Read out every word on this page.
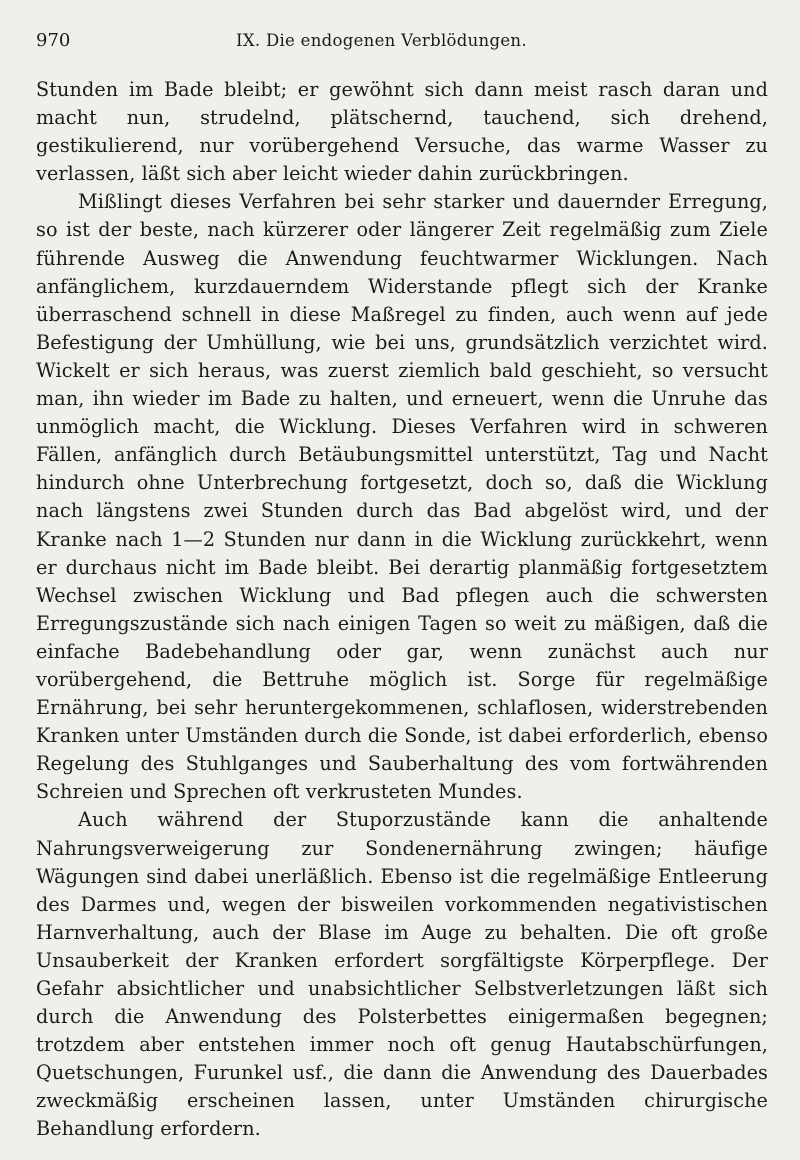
970	IX. Die endogenen Verblödungen.

Stunden im Bade bleibt; er gewöhnt sich dann meist rasch daran und macht nun, strudelnd, plätschernd, tauchend, sich drehend, gestikulierend, nur vorübergehend Versuche, das warme Wasser zu verlassen, läßt sich aber leicht wieder dahin zurückbringen.

Mißlingt dieses Verfahren bei sehr starker und dauernder Erregung, so ist der beste, nach kürzerer oder längerer Zeit regelmäßig zum Ziele führende Ausweg die Anwendung feuchtwarmer Wicklungen. Nach anfänglichem, kurzdauerndem Widerstande pflegt sich der Kranke überraschend schnell in diese Maßregel zu finden, auch wenn auf jede Befestigung der Umhüllung, wie bei uns, grundsätzlich verzichtet wird. Wickelt er sich heraus, was zuerst ziemlich bald geschieht, so versucht man, ihn wieder im Bade zu halten, und erneuert, wenn die Unruhe das unmöglich macht, die Wicklung. Dieses Verfahren wird in schweren Fällen, anfänglich durch Betäubungsmittel unterstützt, Tag und Nacht hindurch ohne Unterbrechung fortgesetzt, doch so, daß die Wicklung nach längstens zwei Stunden durch das Bad abgelöst wird, und der Kranke nach 1—2 Stunden nur dann in die Wicklung zurückkehrt, wenn er durchaus nicht im Bade bleibt. Bei derartig planmäßig fortgesetztem Wechsel zwischen Wicklung und Bad pflegen auch die schwersten Erregungszustände sich nach einigen Tagen so weit zu mäßigen, daß die einfache Badebehandlung oder gar, wenn zunächst auch nur vorübergehend, die Bettruhe möglich ist. Sorge für regelmäßige Ernährung, bei sehr heruntergekommenen, schlaflosen, widerstrebenden Kranken unter Umständen durch die Sonde, ist dabei erforderlich, ebenso Regelung des Stuhlganges und Sauberhaltung des vom fortwährenden Schreien und Sprechen oft verkrusteten Mundes.

Auch während der Stuporzustände kann die anhaltende Nahrungsverweigerung zur Sondenernährung zwingen; häufige Wägungen sind dabei unerläßlich. Ebenso ist die regelmäßige Entleerung des Darmes und, wegen der bisweilen vorkommenden negativistischen Harnverhaltung, auch der Blase im Auge zu behalten. Die oft große Unsauberkeit der Kranken erfordert sorgfältigste Körperpflege. Der Gefahr absichtlicher und unabsichtlicher Selbstverletzungen läßt sich durch die Anwendung des Polsterbettes einigermaßen begegnen; trotzdem aber entstehen immer noch oft genug Hautabschürfungen, Quetschungen, Furunkel usf., die dann die Anwendung des Dauerbades zweckmäßig erscheinen lassen, unter Umständen chirurgische Behandlung erfordern.
